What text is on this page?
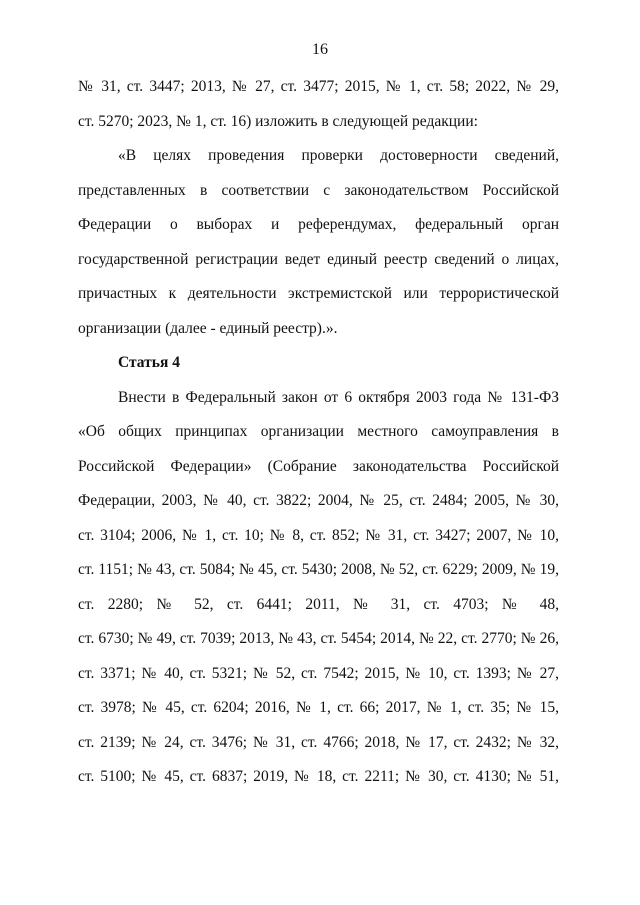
16
№ 31, ст. 3447; 2013, № 27, ст. 3477; 2015, № 1, ст. 58; 2022, № 29,
ст. 5270; 2023, № 1, ст. 16) изложить в следующей редакции:
«В целях проведения проверки достоверности сведений,
представленных в соответствии с законодательством Российской
Федерации о выборах и референдумах, федеральный орган
государственной регистрации ведет единый реестр сведений о лицах,
причастных к деятельности экстремистской или террористической
организации (далее - единый реестр).».
Статья 4
Внести в Федеральный закон от 6 октября 2003 года № 131-ФЗ
«Об общих принципах организации местного самоуправления в
Российской Федерации» (Собрание законодательства Российской
Федерации, 2003, № 40, ст. 3822; 2004, № 25, ст. 2484; 2005, № 30,
ст. 3104; 2006, № 1, ст. 10; № 8, ст. 852; № 31, ст. 3427; 2007, № 10,
ст. 1151; № 43, ст. 5084; № 45, ст. 5430; 2008, № 52, ст. 6229; 2009, № 19,
ст. 2280; № 52, ст. 6441; 2011, № 31, ст. 4703; № 48,
ст. 6730; № 49, ст. 7039; 2013, № 43, ст. 5454; 2014, № 22, ст. 2770; № 26,
ст. 3371; № 40, ст. 5321; № 52, ст. 7542; 2015, № 10, ст. 1393; № 27,
ст. 3978; № 45, ст. 6204; 2016, № 1, ст. 66; 2017, № 1, ст. 35; № 15,
ст. 2139; № 24, ст. 3476; № 31, ст. 4766; 2018, № 17, ст. 2432; № 32,
ст. 5100; № 45, ст. 6837; 2019, № 18, ст. 2211; № 30, ст. 4130; № 51,
